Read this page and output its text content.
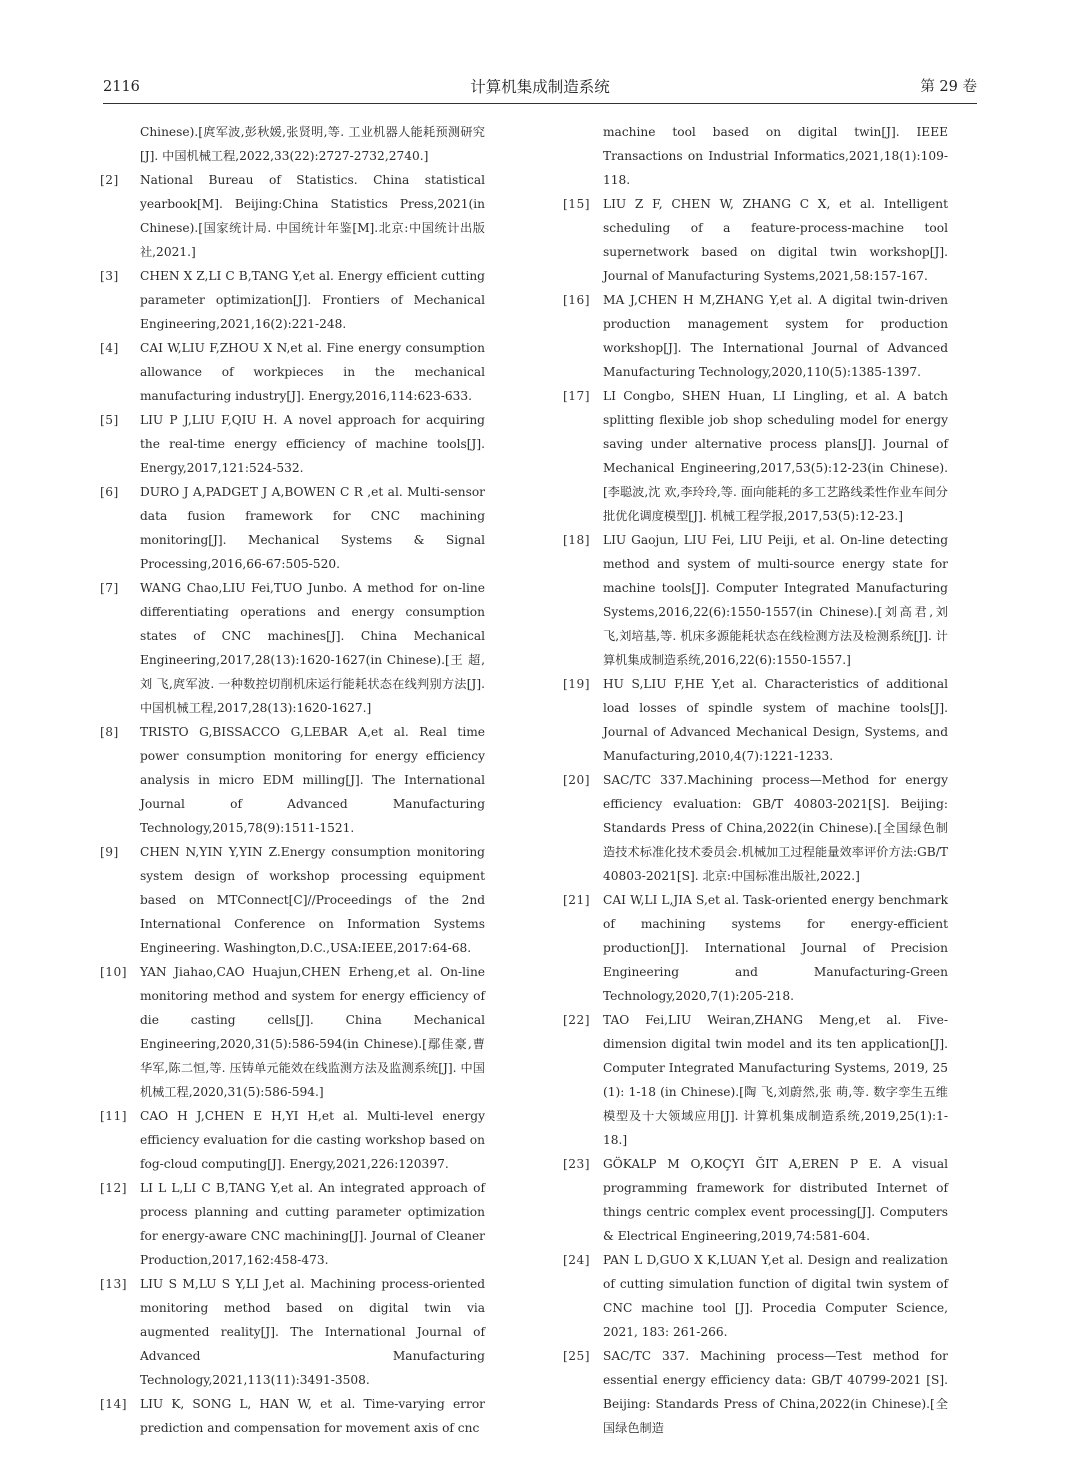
2116	计算机集成制造系统	第 29 卷
Chinese).[庹军波,彭秋媛,张贤明,等. 工业机器人能耗预测研究[J]. 中国机械工程,2022,33(22):2727-2732,2740.]
[2]	National Bureau of Statistics. China statistical yearbook[M]. Beijing:China Statistics Press,2021(in Chinese).[国家统计局. 中国统计年鉴[M].北京:中国统计出版社,2021.]
[3]	CHEN X Z,LI C B,TANG Y,et al. Energy efficient cutting parameter optimization[J]. Frontiers of Mechanical Engineering,2021,16(2):221-248.
[4]	CAI W,LIU F,ZHOU X N,et al. Fine energy consumption allowance of workpieces in the mechanical manufacturing industry[J]. Energy,2016,114:623-633.
[5]	LIU P J,LIU F,QIU H. A novel approach for acquiring the real-time energy efficiency of machine tools[J]. Energy,2017,121:524-532.
[6]	DURO J A,PADGET J A,BOWEN C R ,et al. Multi-sensor data fusion framework for CNC machining monitoring[J]. Mechanical Systems & Signal Processing,2016,66-67:505-520.
[7]	WANG Chao,LIU Fei,TUO Junbo. A method for on-line differentiating operations and energy consumption states of CNC machines[J]. China Mechanical Engineering,2017,28(13):1620-1627(in Chinese).[王 超,刘 飞,庹军波. 一种数控切削机床运行能耗状态在线判别方法[J].中国机械工程,2017,28(13):1620-1627.]
[8]	TRISTO G,BISSACCO G,LEBAR A,et al. Real time power consumption monitoring for energy efficiency analysis in micro EDM milling[J]. The International Journal of Advanced Manufacturing Technology,2015,78(9):1511-1521.
[9]	CHEN N,YIN Y,YIN Z.Energy consumption monitoring system design of workshop processing equipment based on MTConnect[C]//Proceedings of the 2nd International Conference on Information Systems Engineering. Washington,D.C.,USA:IEEE,2017:64-68.
[10]	YAN Jiahao,CAO Huajun,CHEN Erheng,et al. On-line monitoring method and system for energy efficiency of die casting cells[J]. China Mechanical Engineering,2020,31(5):586-594(in Chinese).[鄢佳豪,曹华军,陈二恒,等. 压铸单元能效在线监测方法及监测系统[J]. 中国机械工程,2020,31(5):586-594.]
[11]	CAO H J,CHEN E H,YI H,et al. Multi-level energy efficiency evaluation for die casting workshop based on fog-cloud computing[J]. Energy,2021,226:120397.
[12]	LI L L,LI C B,TANG Y,et al. An integrated approach of process planning and cutting parameter optimization for energy-aware CNC machining[J]. Journal of Cleaner Production,2017,162:458-473.
[13]	LIU S M,LU S Y,LI J,et al. Machining process-oriented monitoring method based on digital twin via augmented reality[J]. The International Journal of Advanced Manufacturing Technology,2021,113(11):3491-3508.
[14]	LIU K, SONG L, HAN W, et al. Time-varying error prediction and compensation for movement axis of cnc
machine tool based on digital twin[J]. IEEE Transactions on Industrial Informatics,2021,18(1):109-118.
[15]	LIU Z F, CHEN W, ZHANG C X, et al. Intelligent scheduling of a feature-process-machine tool supernetwork based on digital twin workshop[J]. Journal of Manufacturing Systems,2021,58:157-167.
[16]	MA J,CHEN H M,ZHANG Y,et al. A digital twin-driven production management system for production workshop[J]. The International Journal of Advanced Manufacturing Technology,2020,110(5):1385-1397.
[17]	LI Congbo, SHEN Huan, LI Lingling, et al. A batch splitting flexible job shop scheduling model for energy saving under alternative process plans[J]. Journal of Mechanical Engineering,2017,53(5):12-23(in Chinese).[李聪波,沈 欢,李玲玲,等. 面向能耗的多工艺路线柔性作业车间分批优化调度模型[J]. 机械工程学报,2017,53(5):12-23.]
[18]	LIU Gaojun, LIU Fei, LIU Peiji, et al. On-line detecting method and system of multi-source energy state for machine tools[J]. Computer Integrated Manufacturing Systems,2016,22(6):1550-1557(in Chinese).[刘高君,刘 飞,刘培基,等. 机床多源能耗状态在线检测方法及检测系统[J]. 计算机集成制造系统,2016,22(6):1550-1557.]
[19]	HU S,LIU F,HE Y,et al. Characteristics of additional load losses of spindle system of machine tools[J]. Journal of Advanced Mechanical Design, Systems, and Manufacturing,2010,4(7):1221-1233.
[20]	SAC/TC 337.Machining process—Method for energy efficiency evaluation: GB/T 40803-2021[S]. Beijing: Standards Press of China,2022(in Chinese).[全国绿色制造技术标准化技术委员会.机械加工过程能量效率评价方法:GB/T 40803-2021[S]. 北京:中国标准出版社,2022.]
[21]	CAI W,LI L,JIA S,et al. Task-oriented energy benchmark of machining systems for energy-efficient production[J]. International Journal of Precision Engineering and Manufacturing-Green Technology,2020,7(1):205-218.
[22]	TAO Fei,LIU Weiran,ZHANG Meng,et al. Five-dimension digital twin model and its ten application[J]. Computer Integrated Manufacturing Systems, 2019, 25 (1): 1-18 (in Chinese).[陶 飞,刘蔚然,张 萌,等. 数字孪生五维模型及十大领域应用[J]. 计算机集成制造系统,2019,25(1):1-18.]
[23]	GÖKALP M O,KOÇYI ĞIT A,EREN P E. A visual programming framework for distributed Internet of things centric complex event processing[J]. Computers & Electrical Engineering,2019,74:581-604.
[24]	PAN L D,GUO X K,LUAN Y,et al. Design and realization of cutting simulation function of digital twin system of CNC machine tool [J]. Procedia Computer Science, 2021, 183: 261-266.
[25]	SAC/TC 337. Machining process—Test method for essential energy efficiency data: GB/T 40799-2021 [S]. Beijing: Standards Press of China,2022(in Chinese).[全国绿色制造
